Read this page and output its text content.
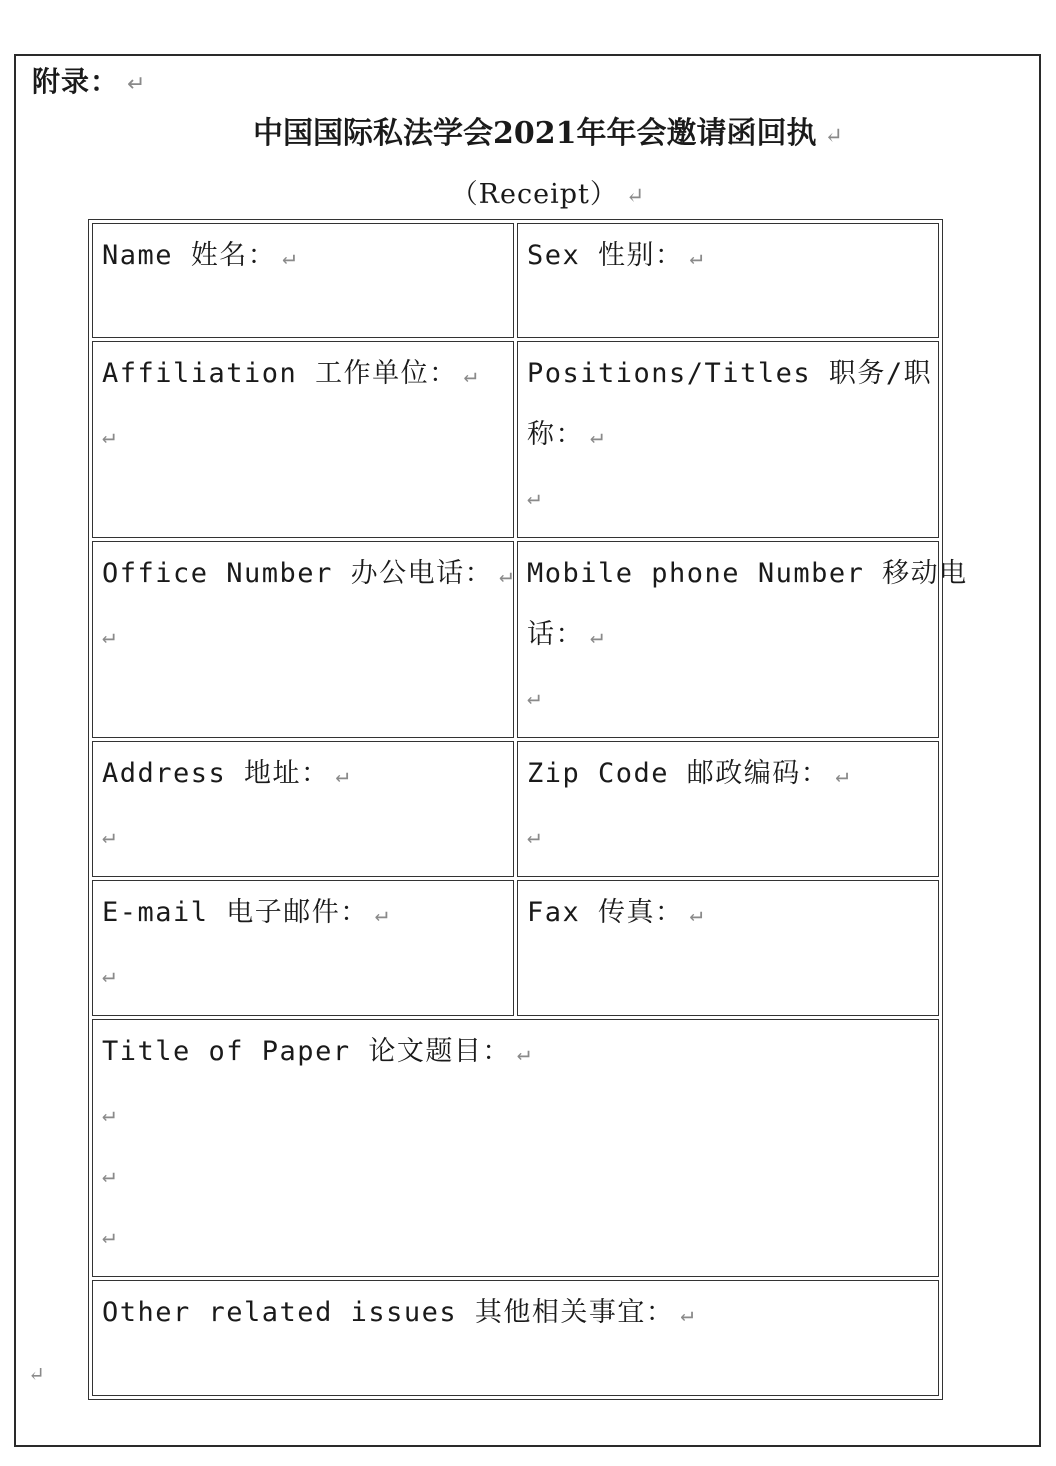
附录： ↵
中国国际私法学会2021年年会邀请函回执 ↵
（Receipt） ↵
Name 姓名： ↵	Sex 性别： ↵

Affiliation 工作单位： ↵
↵	Positions/Titles 职务/职
称： ↵
↵

Office Number 办公电话： ↵
↵	Mobile phone Number 移动电
话： ↵
↵

Address 地址： ↵
↵	Zip Code 邮政编码： ↵
↵

E-mail 电子邮件： ↵
↵	Fax 传真： ↵

Title of Paper 论文题目： ↵
↵
↵
↵	

Other related issues 其他相关事宜： ↵	
↵
